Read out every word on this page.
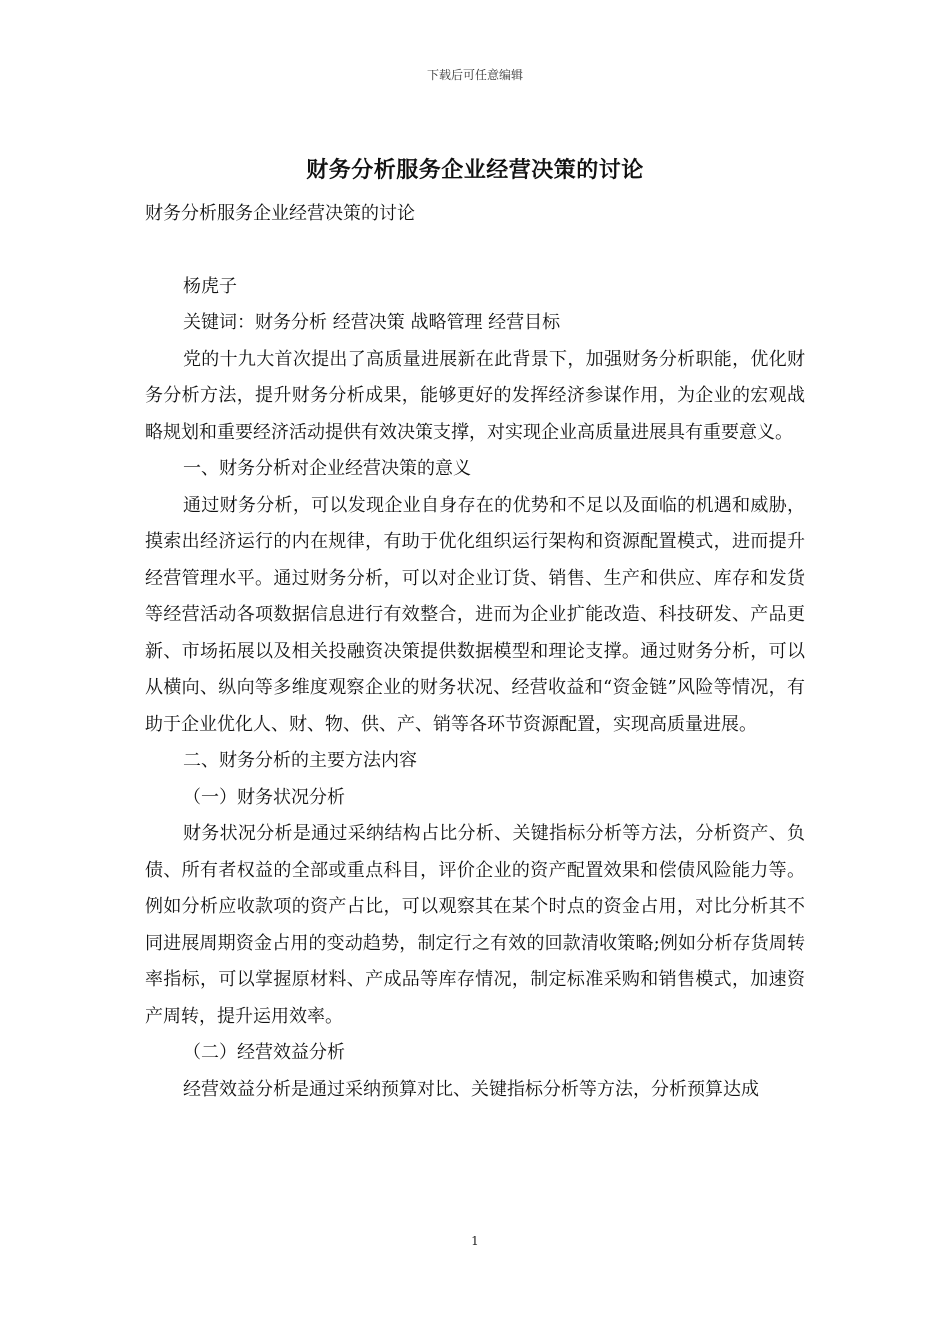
下载后可任意编辑
财务分析服务企业经营决策的讨论

财务分析服务企业经营决策的讨论

杨虎子

关键词：财务分析 经营决策 战略管理 经营目标

党的十九大首次提出了高质量进展新在此背景下，加强财务分析职能，优化财务分析方法，提升财务分析成果，能够更好的发挥经济参谋作用，为企业的宏观战略规划和重要经济活动提供有效决策支撑，对实现企业高质量进展具有重要意义。

一、财务分析对企业经营决策的意义

通过财务分析，可以发现企业自身存在的优势和不足以及面临的机遇和威胁，摸索出经济运行的内在规律，有助于优化组织运行架构和资源配置模式，进而提升经营管理水平。通过财务分析，可以对企业订货、销售、生产和供应、库存和发货等经营活动各项数据信息进行有效整合，进而为企业扩能改造、科技研发、产品更新、市场拓展以及相关投融资决策提供数据模型和理论支撑。通过财务分析，可以从横向、纵向等多维度观察企业的财务状况、经营收益和“资金链”风险等情况，有助于企业优化人、财、物、供、产、销等各环节资源配置，实现高质量进展。

二、财务分析的主要方法内容

（一）财务状况分析

财务状况分析是通过采纳结构占比分析、关键指标分析等方法，分析资产、负债、所有者权益的全部或重点科目，评价企业的资产配置效果和偿债风险能力等。例如分析应收款项的资产占比，可以观察其在某个时点的资金占用，对比分析其不同进展周期资金占用的变动趋势，制定行之有效的回款清收策略;例如分析存货周转率指标，可以掌握原材料、产成品等库存情况，制定标准采购和销售模式，加速资产周转，提升运用效率。

（二）经营效益分析

经营效益分析是通过采纳预算对比、关键指标分析等方法，分析预算达成

1
